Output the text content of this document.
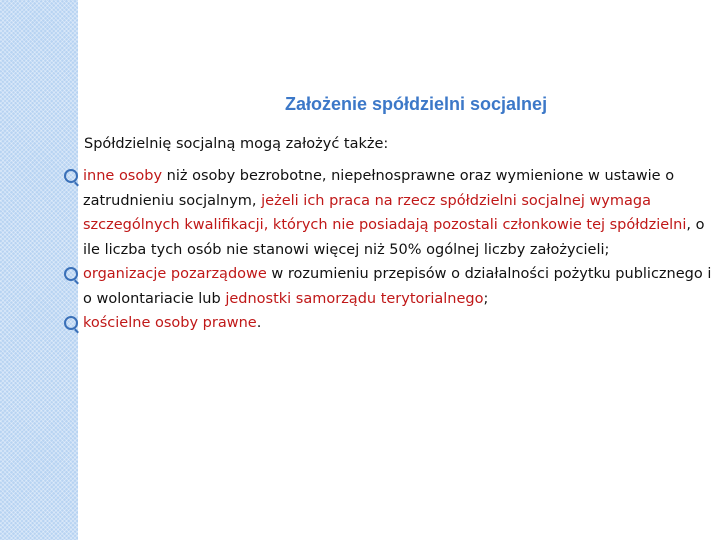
Założenie spółdzielni socjalnej
Spółdzielnię socjalną mogą założyć także:
inne osoby niż osoby bezrobotne, niepełnosprawne oraz wymienione w ustawie o zatrudnieniu socjalnym, jeżeli ich praca na rzecz spółdzielni socjalnej wymaga szczególnych kwalifikacji, których nie posiadają pozostali członkowie tej spółdzielni, o ile liczba tych osób nie stanowi więcej niż 50% ogólnej liczby założycieli;
organizacje pozarządowe w rozumieniu przepisów o działalności pożytku publicznego i o wolontariacie lub jednostki samorządu terytorialnego;
kościelne osoby prawne.
